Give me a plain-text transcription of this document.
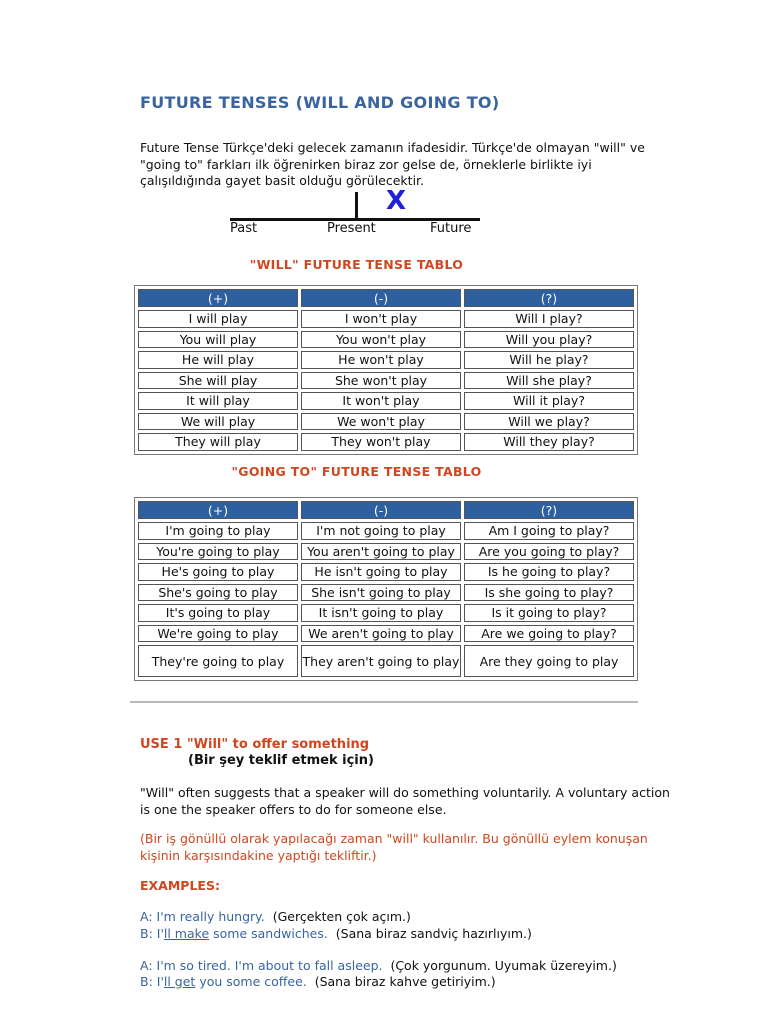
FUTURE TENSES (WILL AND GOING TO)

Future Tense Türkçe'deki gelecek zamanın ifadesidir. Türkçe'de olmayan "will" ve "going to" farkları ilk öğrenirken biraz zor gelse de, örneklerle birlikte iyi çalışıldığında gayet basit olduğu görülecektir.

X
Past	Present	Future

"WILL" FUTURE TENSE TABLO

(+)	(-)	(?)
I will play	I won't play	Will I play?
You will play	You won't play	Will you play?
He will play	He won't play	Will he play?
She will play	She won't play	Will she play?
It will play	It won't play	Will it play?
We will play	We won't play	Will we play?
They will play	They won't play	Will they play?

"GOING TO" FUTURE TENSE TABLO

(+)	(-)	(?)
I'm going to play	I'm not going to play	Am I going to play?
You're going to play	You aren't going to play	Are you going to play?
He's going to play	He isn't going to play	Is he going to play?
She's going to play	She isn't going to play	Is she going to play?
It's going to play	It isn't going to play	Is it going to play?
We're going to play	We aren't going to play	Are we going to play?
They're going to play	They aren't going to play	Are they going to play

USE 1 "Will" to offer something

(Bir şey teklif etmek için)

"Will" often suggests that a speaker will do something voluntarily. A voluntary action is one the speaker offers to do for someone else.

(Bir iş gönüllü olarak yapılacağı zaman "will" kullanılır. Bu gönüllü eylem konuşan kişinin karşısındakine yaptığı tekliftir.)

EXAMPLES:

A: I'm really hungry. (Gerçekten çok açım.)
B: I'll make some sandwiches. (Sana biraz sandviç hazırlıyım.)
A: I'm so tired. I'm about to fall asleep. (Çok yorgunum. Uyumak üzereyim.)
B: I'll get you some coffee. (Sana biraz kahve getiriyim.)
